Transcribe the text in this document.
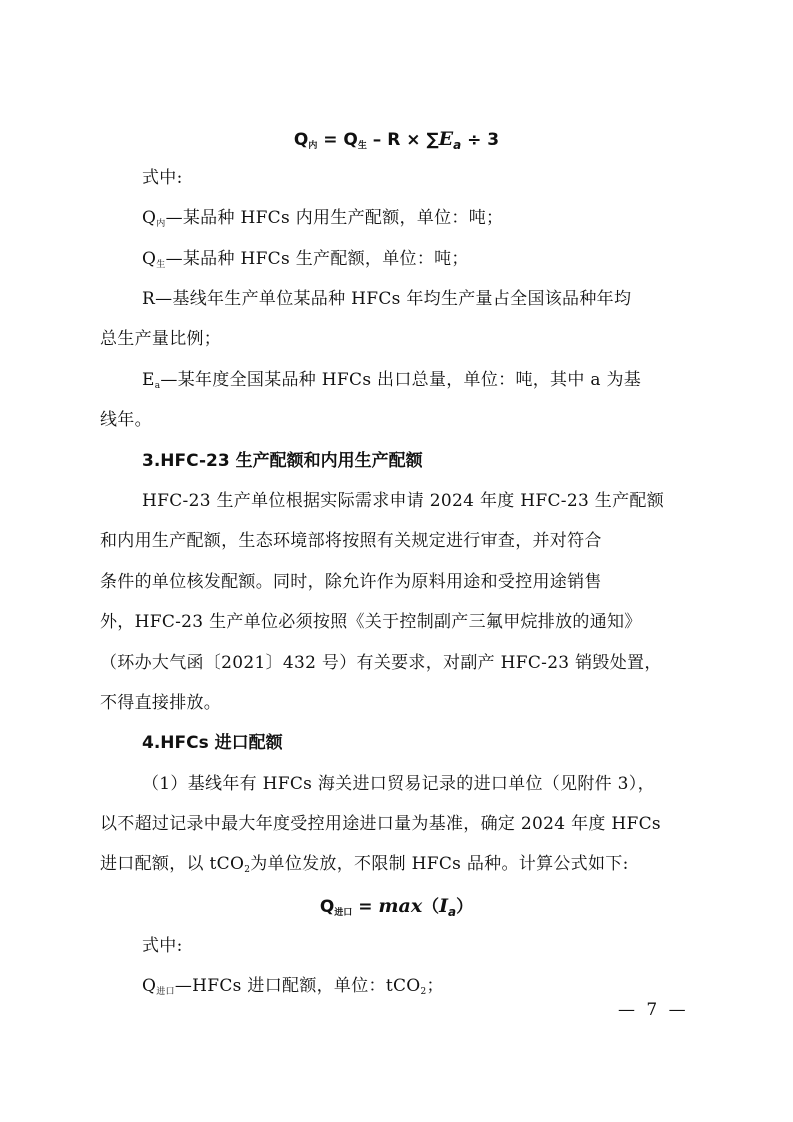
$Q_内 = Q_生 - R \times \sum E_a \div 3$
式中:
$Q_内—$某品种 HFCs 内用生产配额，单位：吨；
$Q_生—$某品种 HFCs 生产配额，单位：吨；
R—基线年生产单位某品种 HFCs 年均生产量占全国该品种年均
总生产量比例；
$E_a—$某年度全国某品种 HFCs 出口总量，单位：吨，其中 a 为基
线年。
3.HFC-23 生产配额和内用生产配额
HFC-23 生产单位根据实际需求申请 2024 年度 HFC-23 生产配额
和内用生产配额，生态环境部将按照有关规定进行审查，并对符合
条件的单位核发配额。同时，除允许作为原料用途和受控用途销售
外，HFC-23 生产单位必须按照《关于控制副产三氟甲烷排放的通知》
（环办大气函〔2021〕432 号）有关要求，对副产 HFC-23 销毁处置，
不得直接排放。
4.HFCs 进口配额
（1）基线年有 HFCs 海关进口贸易记录的进口单位（见附件 3），
以不超过记录中最大年度受控用途进口量为基准，确定 2024 年度 HFCs
进口配额，以 tCO$_2$为单位发放，不限制 HFCs 品种。计算公式如下:
$Q_{进口} = \max(I_a)$
式中:
$Q_{进口}—HFCs$ 进口配额，单位：tCO$_2$；
— 7 —
